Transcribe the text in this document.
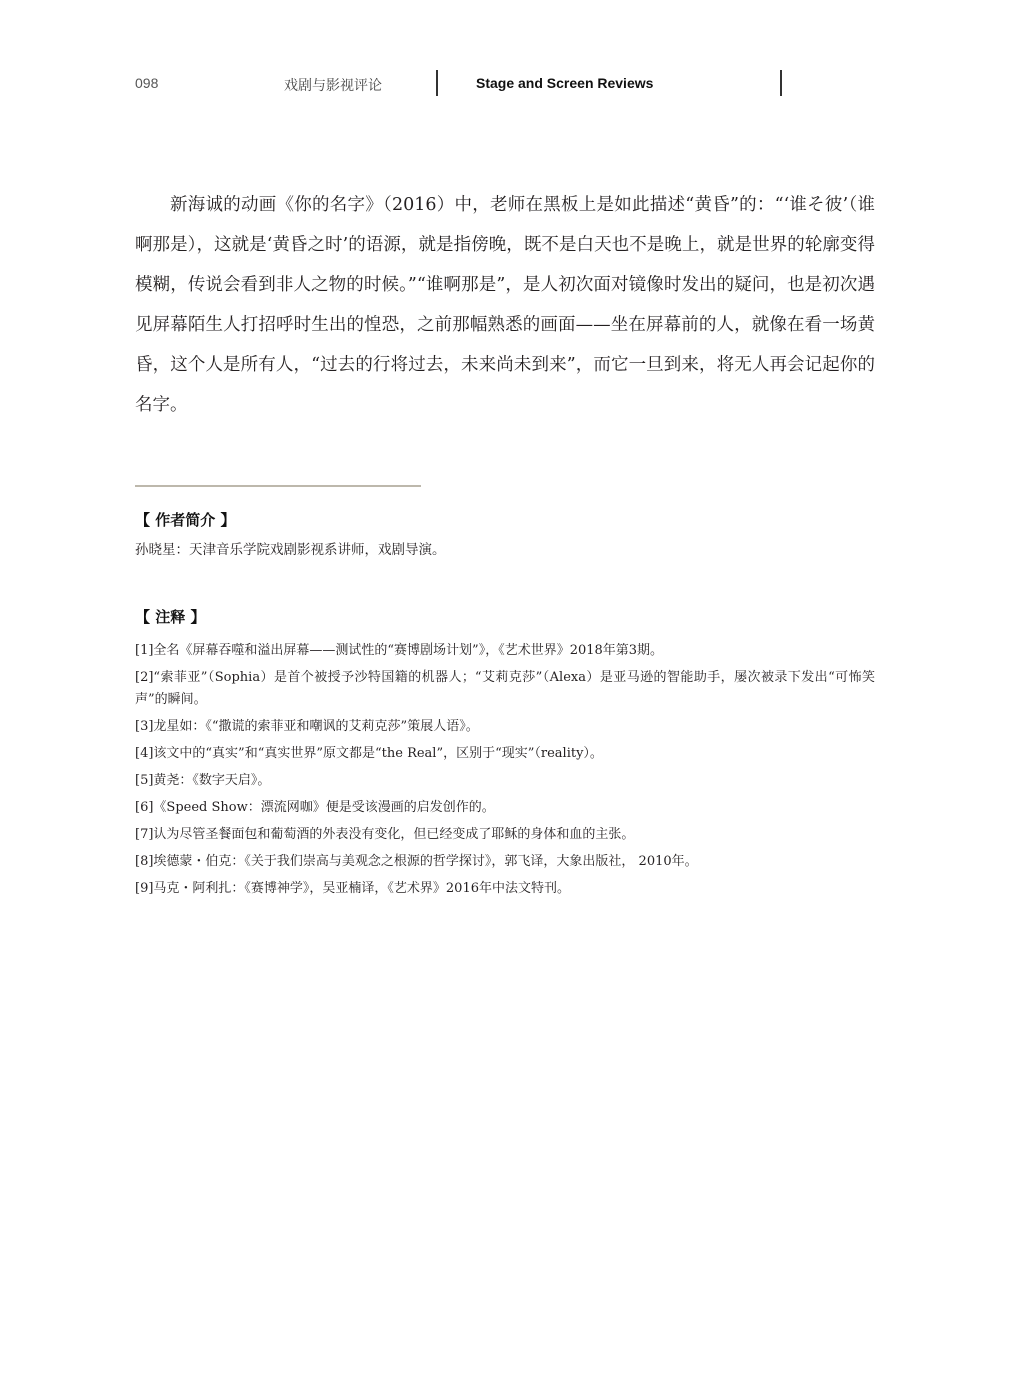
098	戏剧与影视评论	Stage and Screen Reviews

新海诚的动画《你的名字》（2016）中，老师在黑板上是如此描述“黄昏”的：“‘谁そ彼’（谁啊那是），这就是‘黄昏之时’的语源，就是指傍晚，既不是白天也不是晚上，就是世界的轮廓变得模糊，传说会看到非人之物的时候。”“谁啊那是”，是人初次面对镜像时发出的疑问，也是初次遇见屏幕陌生人打招呼时生出的惶恐，之前那幅熟悉的画面——坐在屏幕前的人，就像在看一场黄昏，这个人是所有人，“过去的行将过去，未来尚未到来”，而它一旦到来，将无人再会记起你的名字。

【 作者简介 】

孙晓星：天津音乐学院戏剧影视系讲师，戏剧导演。

【 注释 】
[1]全名《屏幕吞噬和溢出屏幕——测试性的“赛博剧场计划”》，《艺术世界》2018年第3期。
[2]“索菲亚”（Sophia）是首个被授予沙特国籍的机器人；“艾莉克莎”（Alexa）是亚马逊的智能助手，屡次被录下发出“可怖笑声”的瞬间。
[3]龙星如：《“撒谎的索菲亚和嘲讽的艾莉克莎”策展人语》。
[4]该文中的“真实”和“真实世界”原文都是“the Real”，区别于“现实”（reality）。
[5]黄尧：《数字天启》。
[6]《Speed Show：漂流网咖》便是受该漫画的启发创作的。
[7]认为尽管圣餐面包和葡萄酒的外表没有变化，但已经变成了耶稣的身体和血的主张。
[8]埃德蒙・伯克：《关于我们崇高与美观念之根源的哲学探讨》，郭飞译，大象出版社， 2010年。
[9]马克・阿利扎：《赛博神学》，吴亚楠译，《艺术界》2016年中法文特刊。
